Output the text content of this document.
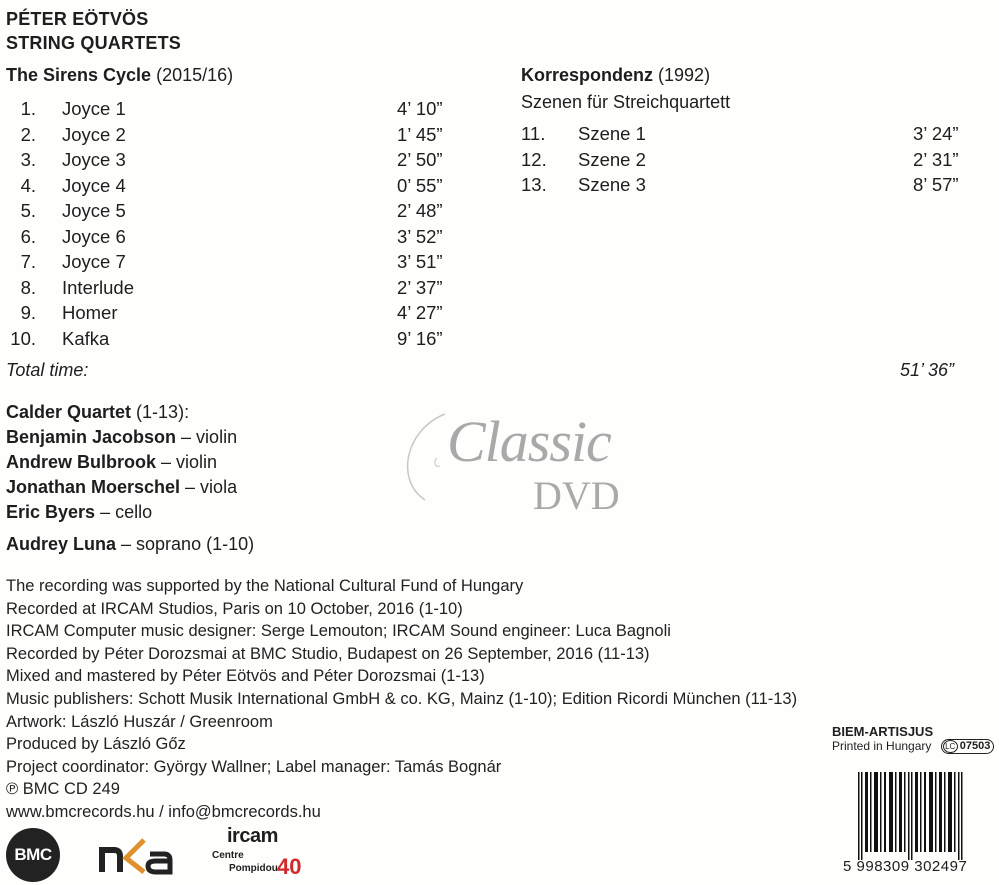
PÉTER EÖTVÖS
STRING QUARTETS
The Sirens Cycle (2015/16)
1. Joyce 1	4’ 10”
2. Joyce 2	1’ 45”
3. Joyce 3	2’ 50”
4. Joyce 4	0’ 55”
5. Joyce 5	2’ 48”
6. Joyce 6	3’ 52”
7. Joyce 7	3’ 51”
8. Interlude	2’ 37”
9. Homer	4’ 27”
10. Kafka	9’ 16”
Korrespondenz (1992)
Szenen für Streichquartett
11. Szene 1	3’ 24”
12. Szene 2	2’ 31”
13. Szene 3	8’ 57”
Total time:	51’ 36”
Calder Quartet (1-13):
Benjamin Jacobson – violin
Andrew Bulbrook – violin
Jonathan Moerschel – viola
Eric Byers – cello
Audrey Luna – soprano (1-10)
Classic
DVD
The recording was supported by the National Cultural Fund of Hungary
Recorded at IRCAM Studios, Paris on 10 October, 2016 (1-10)
IRCAM Computer music designer: Serge Lemouton; IRCAM Sound engineer: Luca Bagnoli
Recorded by Péter Dorozsmai at BMC Studio, Budapest on 26 September, 2016 (11-13)
Mixed and mastered by Péter Eötvös and Péter Dorozsmai (1-13)
Music publishers: Schott Musik International GmbH & co. KG, Mainz (1-10); Edition Ricordi München (11-13)
Artwork: László Huszár / Greenroom
Produced by László Gőz
Project coordinator: György Wallner; Label manager: Tamás Bognár
℗ BMC CD 249
www.bmcrecords.hu / info@bmcrecords.hu
BIEM-ARTISJUS
Printed in Hungary LC 07503
5 998309 302497
BMC
ircam
Centre
Pompidou 40
